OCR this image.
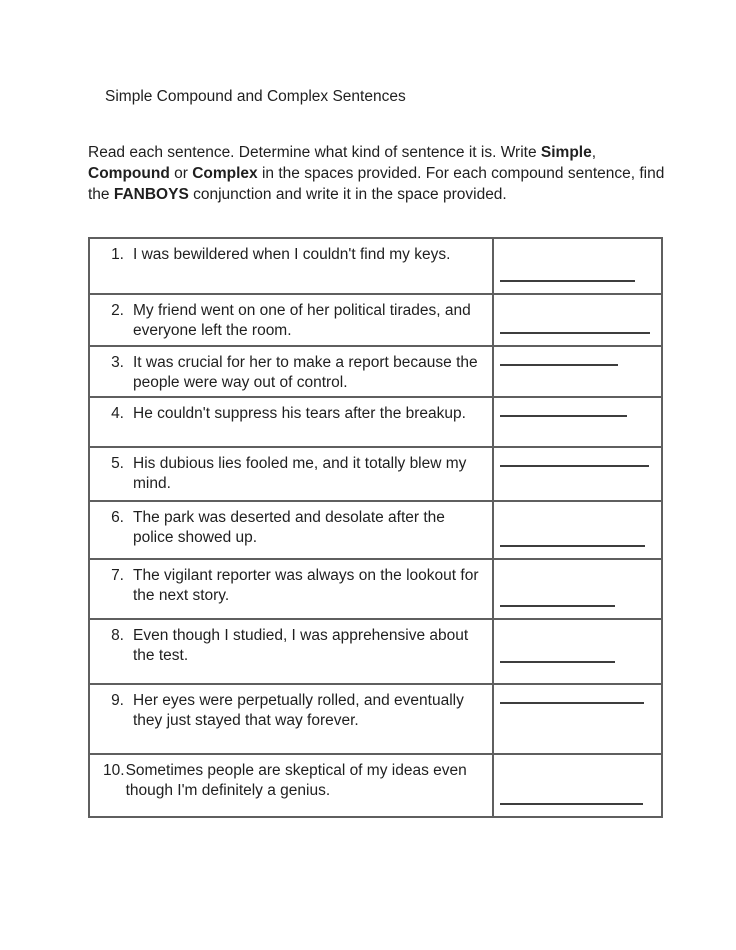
Simple Compound and Complex Sentences
Read each sentence. Determine what kind of sentence it is. Write Simple, Compound or Complex in the spaces provided. For each compound sentence, find the FANBOYS conjunction and write it in the space provided.
1. I was bewildered when I couldn't find my keys.
2. My friend went on one of her political tirades, and everyone left the room.
3. It was crucial for her to make a report because the people were way out of control.
4. He couldn't suppress his tears after the breakup.
5. His dubious lies fooled me, and it totally blew my mind.
6. The park was deserted and desolate after the police showed up.
7. The vigilant reporter was always on the lookout for the next story.
8. Even though I studied, I was apprehensive about the test.
9. Her eyes were perpetually rolled, and eventually they just stayed that way forever.
10. Sometimes people are skeptical of my ideas even though I'm definitely a genius.
